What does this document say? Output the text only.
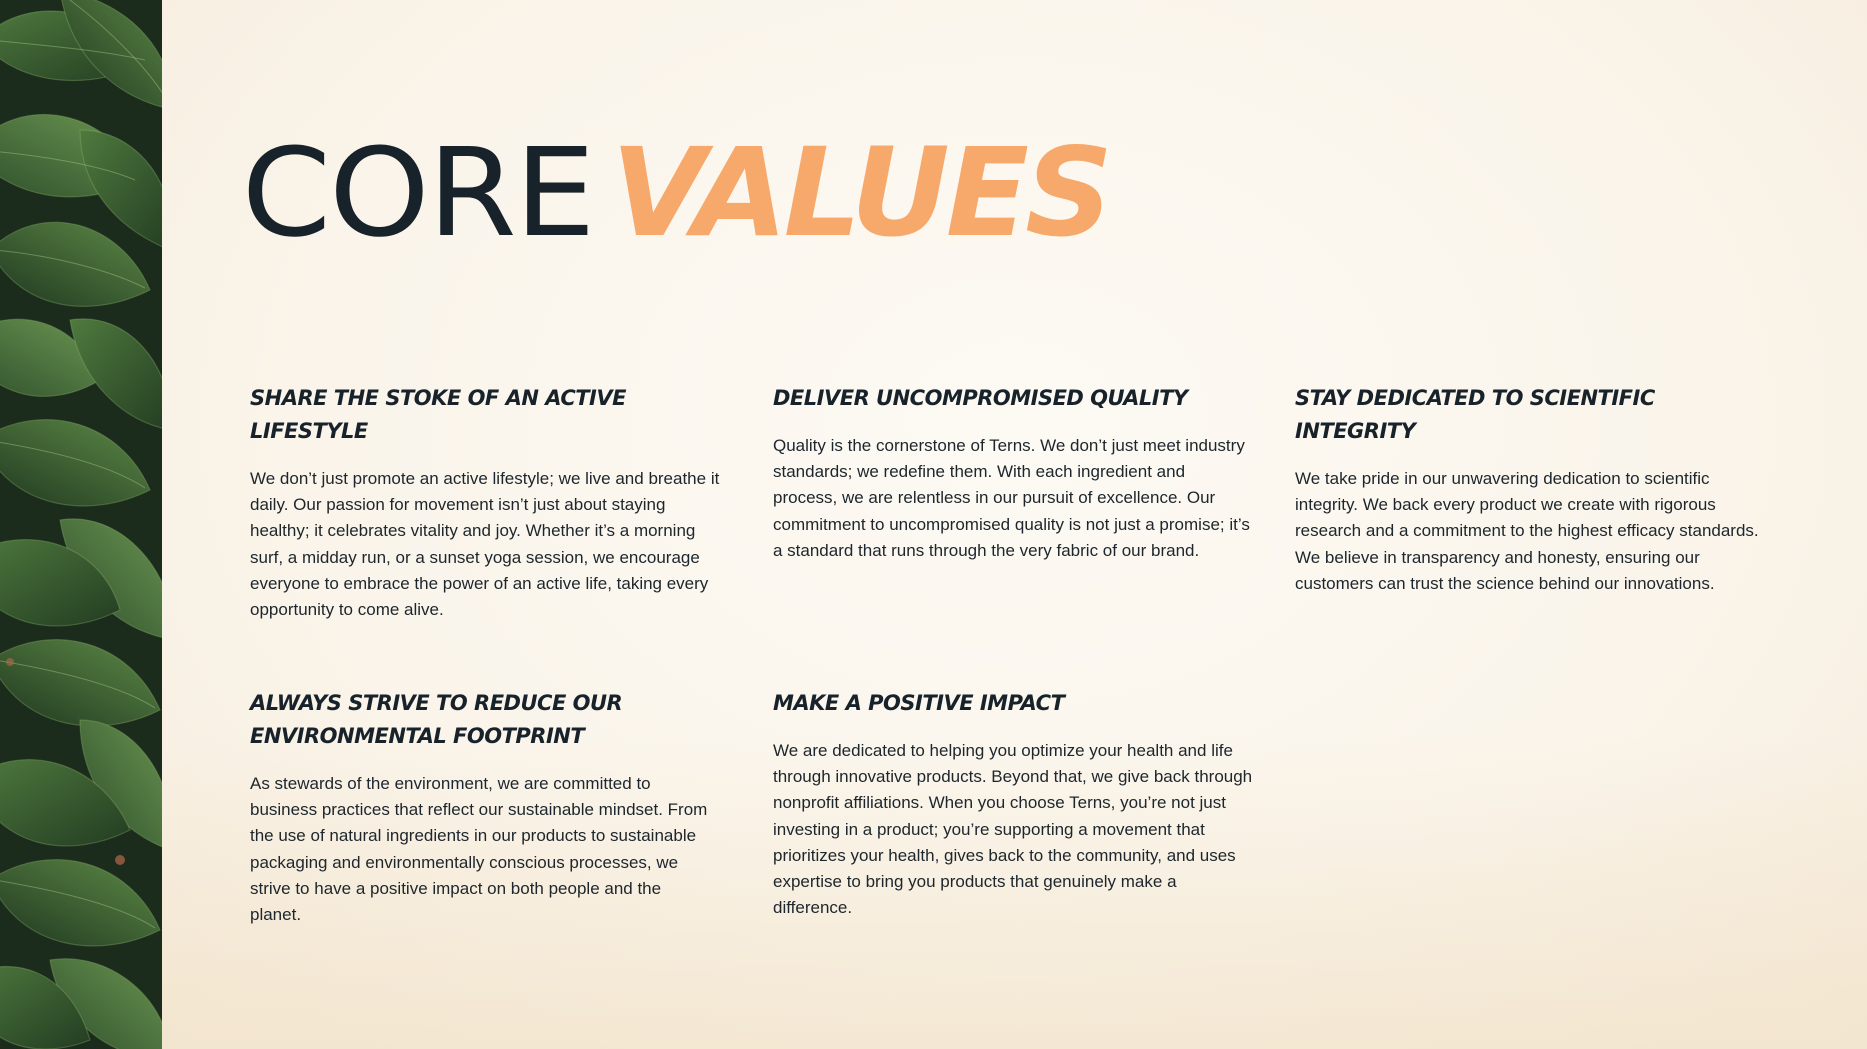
CORE VALUES
SHARE THE STOKE OF AN ACTIVE LIFESTYLE

We don’t just promote an active lifestyle; we live and breathe it daily. Our passion for movement isn’t just about staying healthy; it celebrates vitality and joy. Whether it’s a morning surf, a midday run, or a sunset yoga session, we encourage everyone to embrace the power of an active life, taking every opportunity to come alive.

DELIVER UNCOMPROMISED QUALITY

Quality is the cornerstone of Terns. We don’t just meet industry standards; we redefine them. With each ingredient and process, we are relentless in our pursuit of excellence. Our commitment to uncompromised quality is not just a promise; it’s a standard that runs through the very fabric of our brand.

STAY DEDICATED TO SCIENTIFIC INTEGRITY

We take pride in our unwavering dedication to scientific integrity. We back every product we create with rigorous research and a commitment to the highest efficacy standards. We believe in transparency and honesty, ensuring our customers can trust the science behind our innovations.

ALWAYS STRIVE TO REDUCE OUR ENVIRONMENTAL FOOTPRINT

As stewards of the environment, we are committed to business practices that reflect our sustainable mindset. From the use of natural ingredients in our products to sustainable packaging and environmentally conscious processes, we strive to have a positive impact on both people and the planet.

MAKE A POSITIVE IMPACT

We are dedicated to helping you optimize your health and life through innovative products. Beyond that, we give back through nonprofit affiliations. When you choose Terns, you’re not just investing in a product; you’re supporting a movement that prioritizes your health, gives back to the community, and uses expertise to bring you products that genuinely make a difference.
